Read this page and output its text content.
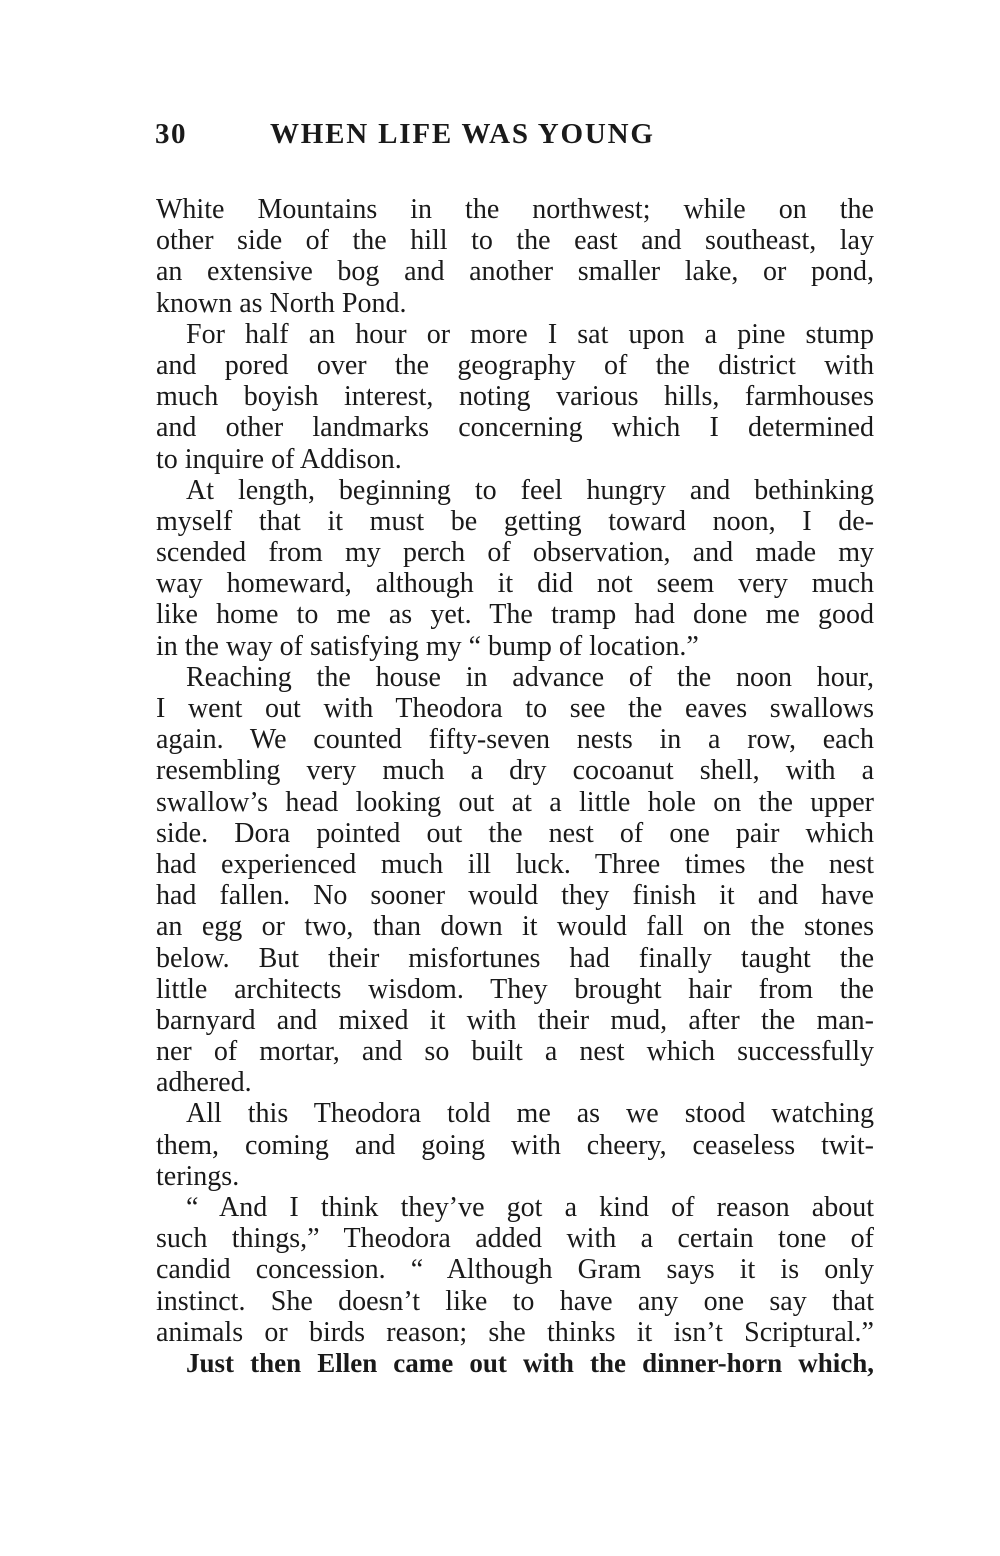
30	WHEN LIFE WAS YOUNG
White Mountains in the northwest; while on the
other side of the hill to the east and southeast, lay
an extensive bog and another smaller lake, or pond,
known as North Pond.
For half an hour or more I sat upon a pine stump
and pored over the geography of the district with
much boyish interest, noting various hills, farmhouses
and other landmarks concerning which I determined
to inquire of Addison.
At length, beginning to feel hungry and bethinking
myself that it must be getting toward noon, I de-
scended from my perch of observation, and made my
way homeward, although it did not seem very much
like home to me as yet. The tramp had done me good
in the way of satisfying my “ bump of location.”
Reaching the house in advance of the noon hour,
I went out with Theodora to see the eaves swallows
again. We counted fifty-seven nests in a row, each
resembling very much a dry cocoanut shell, with a
swallow’s head looking out at a little hole on the upper
side. Dora pointed out the nest of one pair which
had experienced much ill luck. Three times the nest
had fallen. No sooner would they finish it and have
an egg or two, than down it would fall on the stones
below. But their misfortunes had finally taught the
little architects wisdom. They brought hair from the
barnyard and mixed it with their mud, after the man-
ner of mortar, and so built a nest which successfully
adhered.
All this Theodora told me as we stood watching
them, coming and going with cheery, ceaseless twit-
terings.
“ And I think they’ve got a kind of reason about
such things,” Theodora added with a certain tone of
candid concession. “ Although Gram says it is only
instinct. She doesn’t like to have any one say that
animals or birds reason; she thinks it isn’t Scriptural.”
Just then Ellen came out with the dinner-horn which,
